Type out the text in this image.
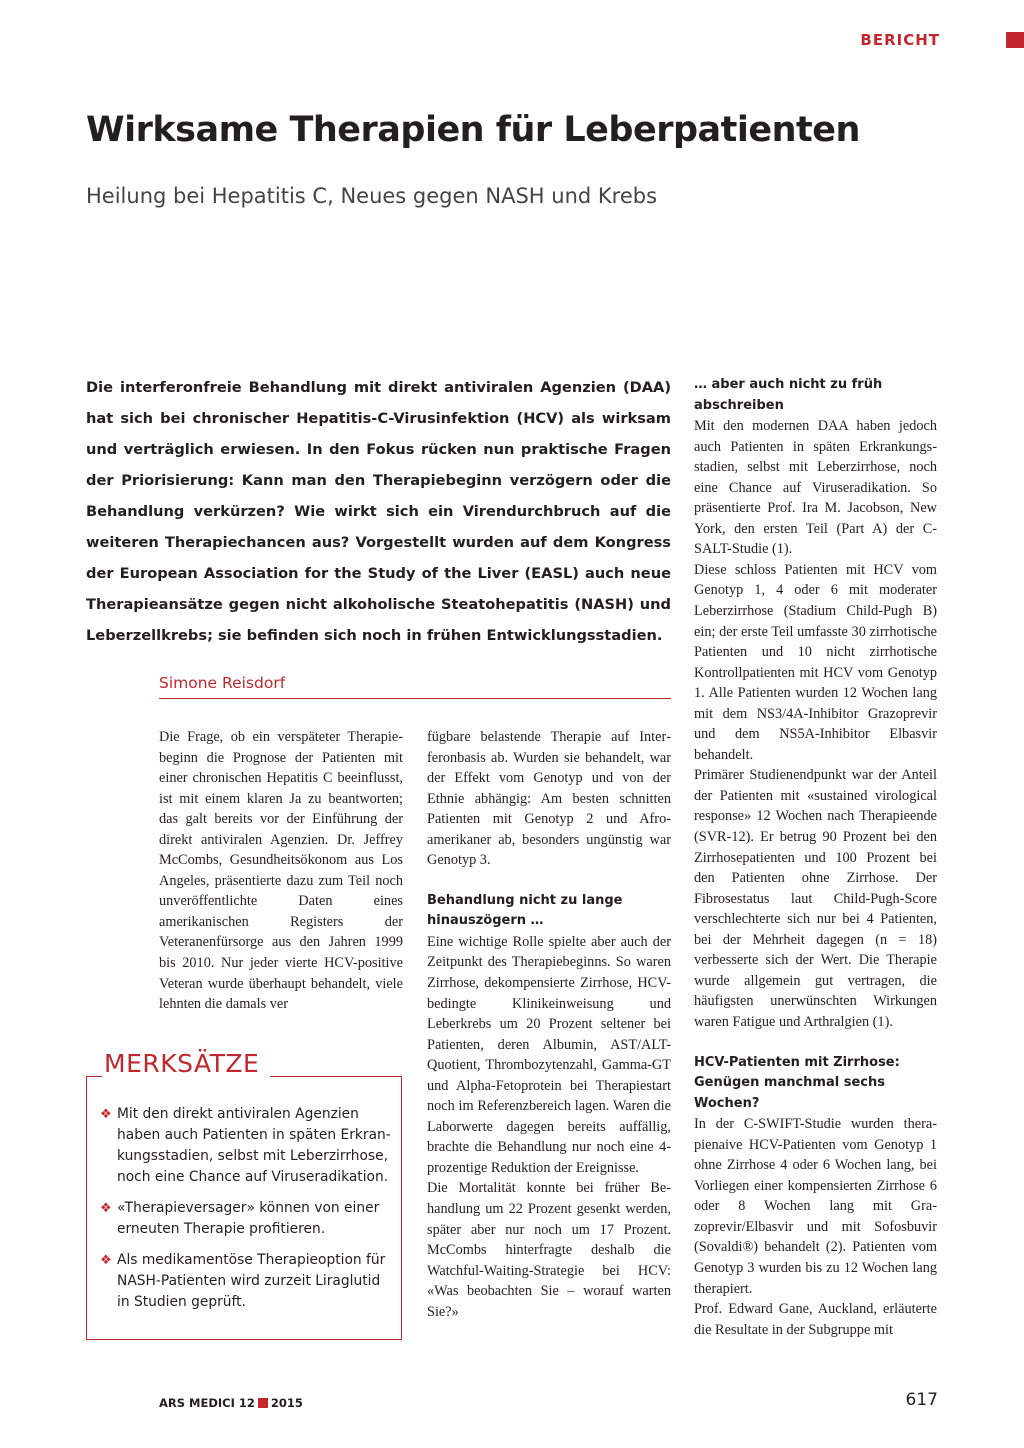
BERICHT
Wirksame Therapien für Leberpatienten
Heilung bei Hepatitis C, Neues gegen NASH und Krebs

Die interferonfreie Behandlung mit direkt antiviralen Agenzien (DAA) hat sich bei chronischer Hepatitis-C-Virusinfektion (HCV) als wirksam und verträglich erwiesen. In den Fokus rücken nun praktische Fragen der Priorisierung: Kann man den Therapiebeginn verzögern oder die Behandlung verkürzen? Wie wirkt sich ein Virendurchbruch auf die weiteren Therapiechancen aus? Vorgestellt wurden auf dem Kongress der European Association for the Study of the Liver (EASL) auch neue Therapieansätze gegen nicht alkoholische Steatohepatitis (NASH) und Leberzellkrebs; sie befinden sich noch in frühen Entwicklungsstadien.

Simone Reisdorf

Die Frage, ob ein verspäteter Therapiebeginn die Prognose der Patienten mit einer chronischen Hepatitis C beeinflusst, ist mit einem klaren Ja zu beantworten; das galt bereits vor der Einführung der direkt antiviralen Agenzien. Dr. Jeffrey McCombs, Gesundheitsökonom aus Los Angeles, präsentierte dazu zum Teil noch unveröffentlichte Daten eines amerikanischen Registers der Veteranenfürsorge aus den Jahren 1999 bis 2010. Nur jeder vierte HCV-positive Veteran wurde überhaupt behandelt, viele lehnten die damals ver

fügbare belastende Therapie auf Interferonbasis ab. Wurden sie behandelt, war der Effekt vom Genotyp und von der Ethnie abhängig: Am besten schnitten Patienten mit Genotyp 2 und Afroamerikaner ab, besonders ungünstig war Genotyp 3.

Behandlung nicht zu lange hinauszögern …

Eine wichtige Rolle spielte aber auch der Zeitpunkt des Therapiebeginns. So waren Zirrhose, dekompensierte Zirrhose, HCV-bedingte Klinikeinweisung und Leberkrebs um 20 Prozent seltener bei Patienten, deren Albumin, AST/ALT-Quotient, Thrombozytenzahl, Gamma-GT und Alpha-Fetoprotein bei Therapiestart noch im Referenzbereich lagen. Waren die Laborwerte dagegen bereits auffällig, brachte die Behandlung nur noch eine 4-prozentige Reduktion der Ereignisse.

Die Mortalität konnte bei früher Behandlung um 22 Prozent gesenkt werden, später aber nur noch um 17 Prozent. McCombs hinterfragte deshalb die Watchful-Waiting-Strategie bei HCV: «Was beobachten Sie – worauf warten Sie?»

… aber auch nicht zu früh abschreiben

Mit den modernen DAA haben jedoch auch Patienten in späten Erkrankungsstadien, selbst mit Leberzirrhose, noch eine Chance auf Viruseradikation. So präsentierte Prof. Ira M. Jacobson, New York, den ersten Teil (Part A) der C-SALT-Studie (1).

Diese schloss Patienten mit HCV vom Genotyp 1, 4 oder 6 mit moderater Leberzirrhose (Stadium Child-Pugh B) ein; der erste Teil umfasste 30 zirrhotische Patienten und 10 nicht zirrhotische Kontrollpatienten mit HCV vom Genotyp 1. Alle Patienten wurden 12 Wochen lang mit dem NS3/4A-Inhibitor Grazoprevir und dem NS5A-Inhibitor Elbasvir behandelt.

Primärer Studienendpunkt war der Anteil der Patienten mit «sustained virological response» 12 Wochen nach Therapieende (SVR-12). Er betrug 90 Prozent bei den Zirrhosepatienten und 100 Prozent bei den Patienten ohne Zirrhose. Der Fibrosestatus laut Child-Pugh-Score verschlechterte sich nur bei 4 Patienten, bei der Mehrheit dagegen (n = 18) verbesserte sich der Wert. Die Therapie wurde allgemein gut vertragen, die häufigsten unerwünschten Wirkungen waren Fatigue und Arthralgien (1).

HCV-Patienten mit Zirrhose: Genügen manchmal sechs Wochen?

In der C-SWIFT-Studie wurden therapienaive HCV-Patienten vom Genotyp 1 ohne Zirrhose 4 oder 6 Wochen lang, bei Vorliegen einer kompensierten Zirrhose 6 oder 8 Wochen lang mit Grazoprevir/Elbasvir und mit Sofosbuvir (Sovaldi®) behandelt (2). Patienten vom Genotyp 3 wurden bis zu 12 Wochen lang therapiert.

Prof. Edward Gane, Auckland, erläuterte die Resultate in der Subgruppe mit

MERKSÄTZE
❖ Mit den direkt antiviralen Agenzien haben auch Patienten in späten Erkrankungsstadien, selbst mit Leberzirrhose, noch eine Chance auf Viruseradikation.
❖ «Therapieversager» können von einer erneuten Therapie profitieren.
❖ Als medikamentöse Therapieoption für NASH-Patienten wird zurzeit Liraglutid in Studien geprüft.
ARS MEDICI 12 2015	617
